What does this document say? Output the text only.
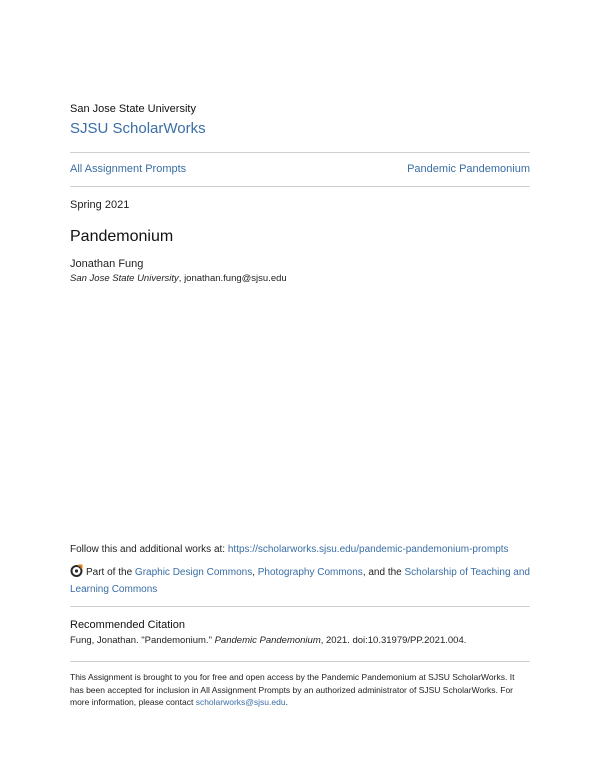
San Jose State University
SJSU ScholarWorks
All Assignment Prompts	Pandemic Pandemonium
Spring 2021
Pandemonium
Jonathan Fung
San Jose State University, jonathan.fung@sjsu.edu
Follow this and additional works at: https://scholarworks.sjsu.edu/pandemic-pandemonium-prompts
Part of the Graphic Design Commons, Photography Commons, and the Scholarship of Teaching and Learning Commons
Recommended Citation
Fung, Jonathan. "Pandemonium." Pandemic Pandemonium, 2021. doi:10.31979/PP.2021.004.
This Assignment is brought to you for free and open access by the Pandemic Pandemonium at SJSU ScholarWorks. It has been accepted for inclusion in All Assignment Prompts by an authorized administrator of SJSU ScholarWorks. For more information, please contact scholarworks@sjsu.edu.
